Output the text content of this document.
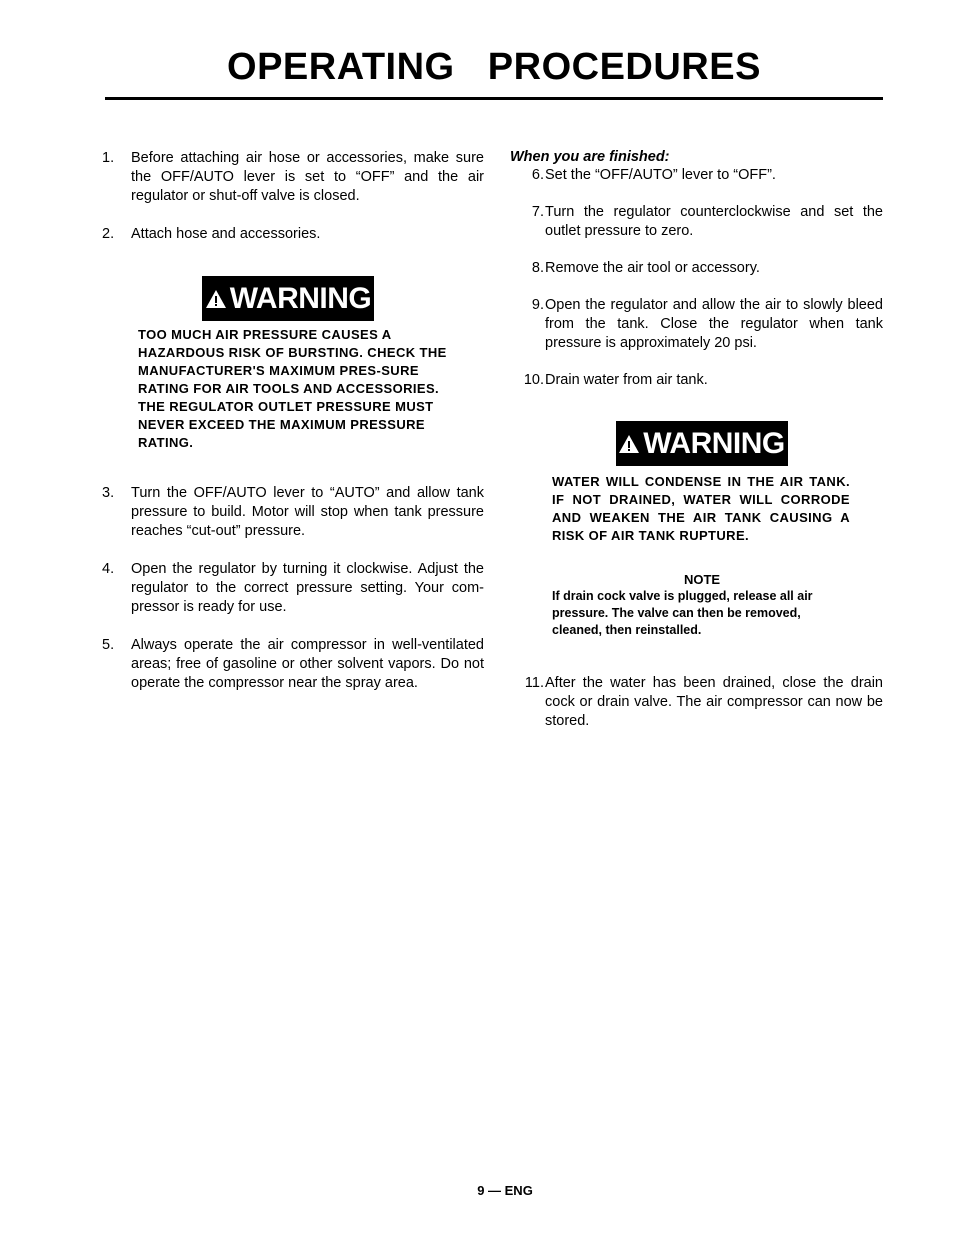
OPERATING   PROCEDURES
1.	Before attaching air hose or accessories, make sure the OFF/AUTO lever is set to “OFF” and the air regulator or shut-off valve is closed.
2.	Attach hose and accessories.
WARNING
TOO MUCH AIR PRESSURE CAUSES A HAZARDOUS RISK OF BURSTING. CHECK THE MANUFACTURER'S MAXIMUM PRES-SURE RATING FOR AIR TOOLS AND ACCESSORIES. THE REGULATOR OUTLET PRESSURE MUST NEVER EXCEED THE MAXIMUM PRESSURE RATING.
3.	Turn the OFF/AUTO lever to “AUTO” and allow tank pressure to build. Motor will stop when tank pressure reaches “cut-out” pressure.
4.	Open the regulator by turning it clockwise. Adjust the regulator to the correct pressure setting. Your com-pressor is ready for use.
5.	Always operate the air compressor in well-ventilated areas; free of gasoline or other solvent vapors. Do not operate the compressor near the spray area.
When you are finished:
6. Set the “OFF/AUTO” lever to “OFF”.
7. Turn the regulator counterclockwise and set the outlet pressure to zero.
8. Remove the air tool or accessory.
9. Open the regulator and allow the air to slowly bleed from the tank. Close the regulator when tank pressure is approximately 20 psi.
10. Drain water from air tank.
WARNING
WATER WILL CONDENSE IN THE AIR TANK. IF NOT DRAINED, WATER WILL CORRODE AND WEAKEN THE AIR TANK CAUSING A RISK OF AIR TANK RUPTURE.
NOTE
If drain cock valve is plugged, release all air pressure. The valve can then be removed, cleaned, then reinstalled.
11. After the water has been drained, close the drain cock or drain valve. The air compressor can now be stored.
9 — ENG
